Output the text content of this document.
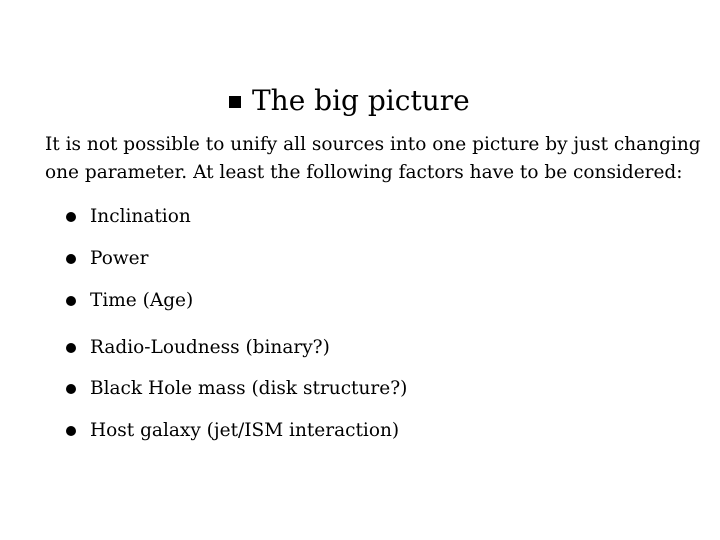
The big picture
It is not possible to unify all sources into one picture by just changing
one parameter. At least the following factors have to be considered:
Inclination
Power
Time (Age)
Radio-Loudness (binary?)
Black Hole mass (disk structure?)
Host galaxy (jet/ISM interaction)
